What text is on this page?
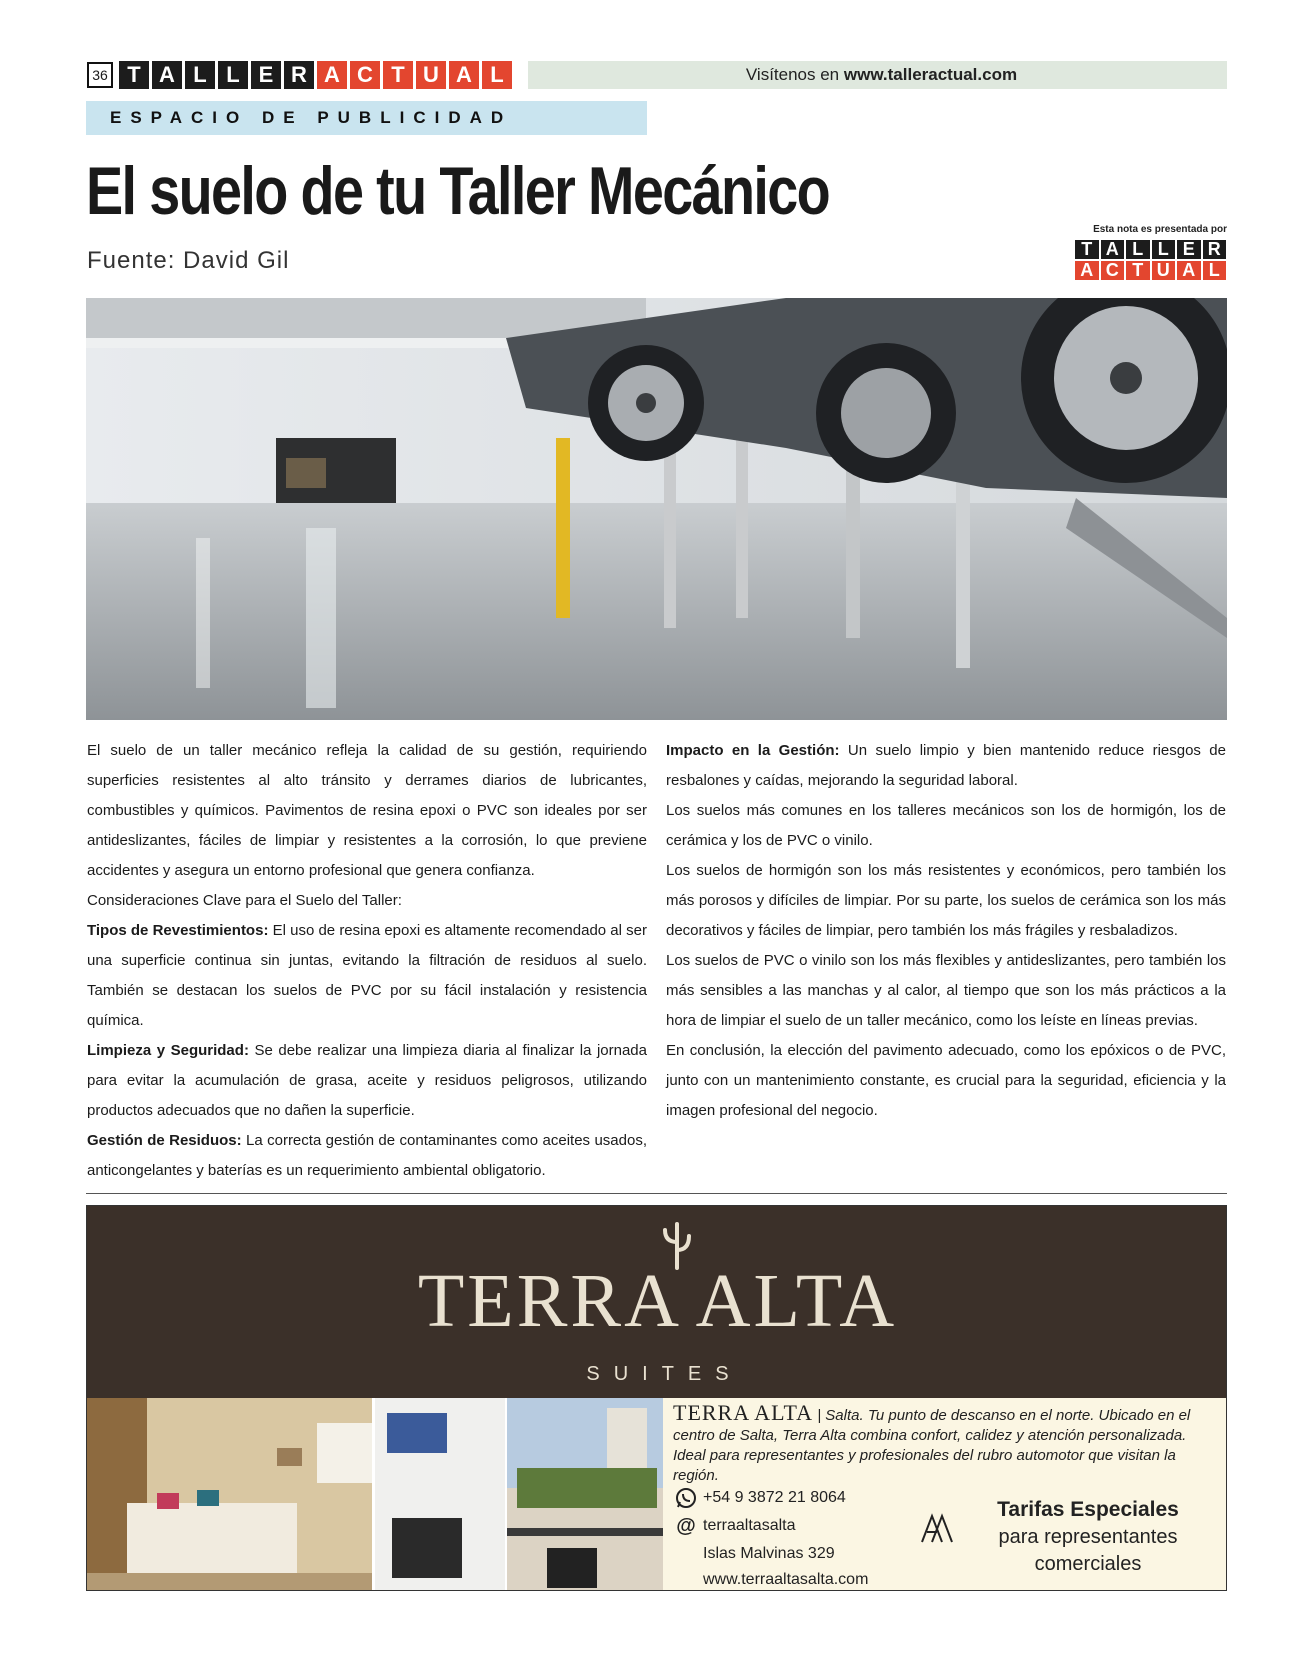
36 T A L L E R A C T U A L	Visítenos en www.talleractual.com
ESPACIO DE PUBLICIDAD
El suelo de tu Taller Mecánico
Fuente: David Gil
Esta nota es presentada por
T A L L E R
A C T U A L

El suelo de un taller mecánico refleja la calidad de su gestión, requiriendo superficies resistentes al alto tránsito y derrames diarios de lubricantes, combustibles y químicos. Pavimentos de resina epoxi o PVC son ideales por ser antideslizantes, fáciles de limpiar y resistentes a la corrosión, lo que previene accidentes y asegura un entorno profesional que genera confianza.

Consideraciones Clave para el Suelo del Taller:

Tipos de Revestimientos: El uso de resina epoxi es altamente recomendado al ser una superficie continua sin juntas, evitando la filtración de residuos al suelo. También se destacan los suelos de PVC por su fácil instalación y resistencia química.

Limpieza y Seguridad: Se debe realizar una limpieza diaria al finalizar la jornada para evitar la acumulación de grasa, aceite y residuos peligrosos, utilizando productos adecuados que no dañen la superficie.

Gestión de Residuos: La correcta gestión de contaminantes como aceites usados, anticongelantes y baterías es un requerimiento ambiental obligatorio.

Impacto en la Gestión: Un suelo limpio y bien mantenido reduce riesgos de resbalones y caídas, mejorando la seguridad laboral.

Los suelos más comunes en los talleres mecánicos son los de hormigón, los de cerámica y los de PVC o vinilo.

Los suelos de hormigón son los más resistentes y económicos, pero también los más porosos y difíciles de limpiar. Por su parte, los suelos de cerámica son los más decorativos y fáciles de limpiar, pero también los más frágiles y resbaladizos.

Los suelos de PVC o vinilo son los más flexibles y antideslizantes, pero también los más sensibles a las manchas y al calor, al tiempo que son los más prácticos a la hora de limpiar el suelo de un taller mecánico, como los leíste en líneas previas.

En conclusión, la elección del pavimento adecuado, como los epóxicos o de PVC, junto con un mantenimiento constante, es crucial para la seguridad, eficiencia y la imagen profesional del negocio.

TERRA ALTA
SUITES
TERRA ALTA | Salta. Tu punto de descanso en el norte. Ubicado en el centro de Salta, Terra Alta combina confort, calidez y atención personalizada. Ideal para representantes y profesionales del rubro automotor que visitan la región.
+54 9 3872 21 8064
@ terraaltasalta
Islas Malvinas 329
www.terraaltasalta.com
Tarifas Especiales
para representantes
comerciales
